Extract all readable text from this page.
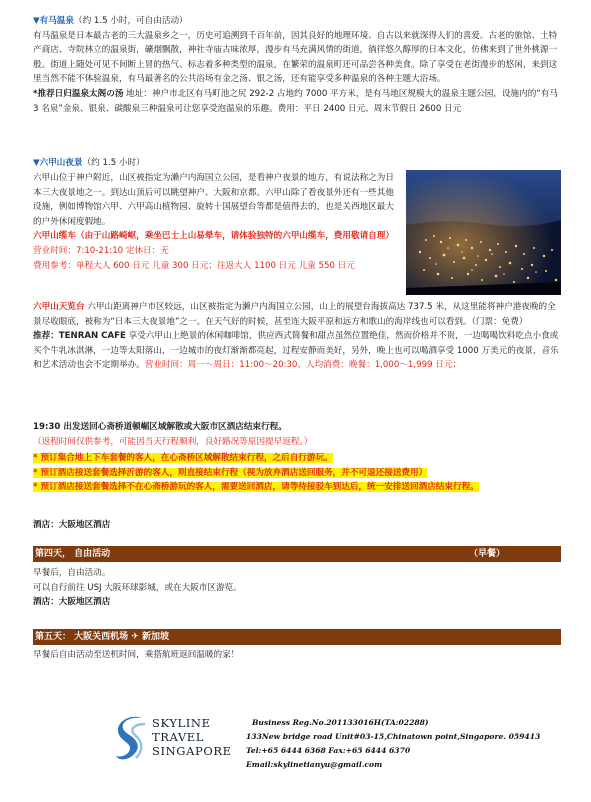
▼有马温泉（约 1.5 小时，可自由活动）
有马温泉是日本最古老的三大温泉乡之一，历史可追溯到千百年前，因其良好的地理环境、自古以来就深得人们的喜爱。古老的旅馆、土特产商店、寺院林立的温泉街，礦烟飘散，神社寺庙古味浓厚，漫步有马充满风情的街道，徜徉悠久醇厚的日本文化，仿佛来到了世外桃源一般。街道上随处可见不间断上冒的热气、标志着多种类型的温泉，在繁荣的温泉町还可品尝各种美食。除了享受在老街漫步的悠闲，来到这里当然不能不体验温泉，有马最著名的公共浴场有金之汤、银之汤，还有能享受多种温泉的各种主题大浴场。
*推荐日归温泉太阁の汤 地址：神户市北区有马町池之尻 292-2 占地约 7000 平方米，是有马地区规模大的温泉主题公园，设施内的“有马 3 名泉”金泉、银泉、碳酸泉三种温泉可让您享受泡温泉的乐趣。费用：平日 2400 日元、周末节假日 2600 日元
▼六甲山夜景（约 1.5 小时）
六甲山位于神户附近，山区被指定为濑户内海国立公园，是看神户夜景的地方，有说法称之为日本三大夜景地之一。到达山顶后可以眺望神户、大阪和京都。六甲山除了看夜景外还有一些其他设施，例如博物馆六甲、六甲高山植物园、旋转十国展望台等都是值得去的，也是关西地区最大的户外休闲度假地。
六甲山缆车（由于山路崎岖，乘坐巴士上山易晕车，请体验独特的六甲山缆车，费用敬请自理）
营业时间：7:10-21:10 定休日：无
费用参考：单程大人 600 日元 儿童 300 日元；往返大人 1100 日元 儿童 550 日元
六甲山天览台 六甲山距离神户市区较远，山区被指定为濑户内海国立公园，山上的展望台海拔高达 737.5 米，从这里能将神户港夜晚的全景尽收眼底，被称为“日本三大夜景地”之一。在天气好的时候，甚至连大阪平原和远方和歌山的海岸线也可以看到。（门票：免费）
推荐：TENRAN CAFE 享受六甲山上绝景的休闲咖啡馆，供应西式简餐和甜点虽然位置绝佳，然而价格并不贵，一边喝喝饮料吃点小食或买个牛乳冰淇淋，一边等太阳落山，一边城市的夜灯渐渐都亮起，过程安静而美好，另外，晚上也可以喝酒享受 1000 万美元的夜景，音乐和艺术活动也会不定期举办。营业时间：周一～周日：11:00～20:30、人均消费：晚餐：1,000～1,999 日元；
19:30 出发送回心斋桥道顿崛区域解散或大阪市区酒店结束行程。（返程时间仅供参考，可能因当天行程顺利，良好路况等原因提早返程。）
* 预订集合地上下车套餐的客人，在心斋桥区域解散结束行程，之后自行游玩。
* 预订酒店接送套餐选择沂游的客人，则直接结束行程（视为放弃酒店送回服务，并不可退还接送费用）
* 预订酒店接送套餐选择不在心斋桥游玩的客人，需要送回酒店，请等待接驳车到达后，统一安排送回酒店结束行程。
酒店：大阪地区酒店
第四天， 自由活动	（早餐）
早餐后，自由活动。
可以自行前往 USJ 大阪环球影城，或在大阪市区游览。
酒店：大阪地区酒店
第五天： 大阪关西机场 ✈ 新加坡
早餐后自由活动至送机时间，乘搭航班返回温暖的家！
SKYLINE
TRAVEL
SINGAPORE
Business Reg.No.201133016H(TA:02288)
133New bridge road Unit#03-15,Chinatown point,Singapore. 059413
Tel:+65 6444 6368 Fax:+65 6444 6370
Email:skylinetianyu@gmail.com
